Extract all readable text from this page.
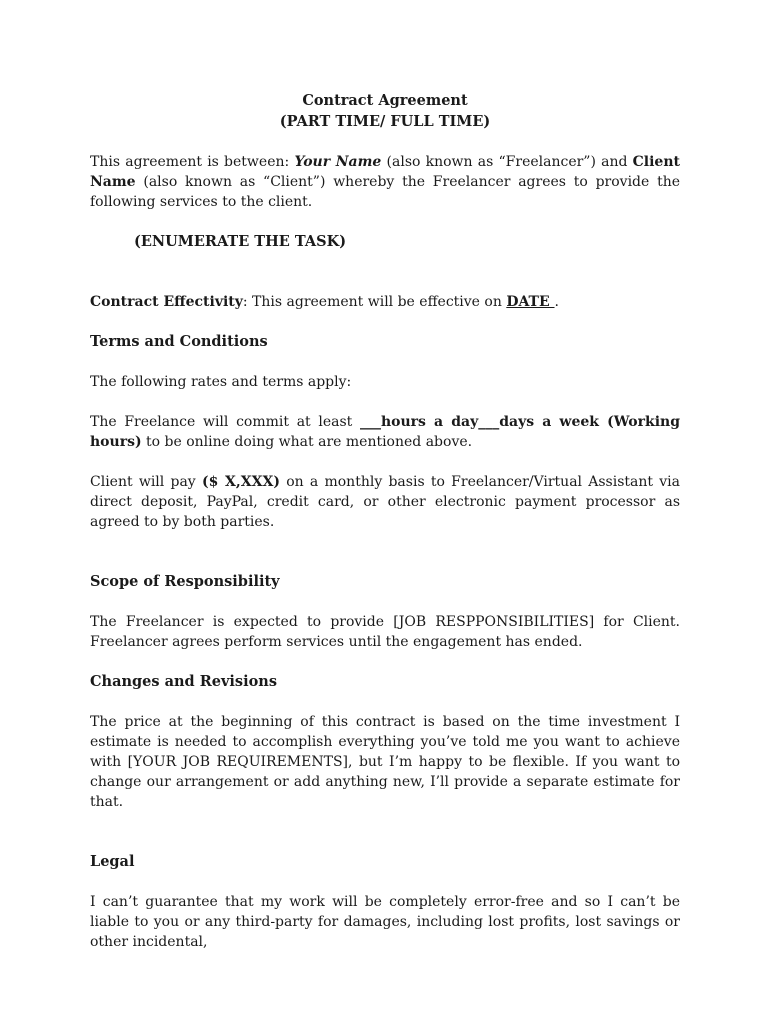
Contract Agreement
(PART TIME/ FULL TIME)

This agreement is between: Your Name (also known as “Freelancer”) and Client Name (also known as “Client”) whereby the Freelancer agrees to provide the following services to the client.

(ENUMERATE THE TASK)

Contract Effectivity: This agreement will be effective on DATE .

Terms and Conditions

The following rates and terms apply:

The Freelance will commit at least ___hours a day___days a week (Working hours) to be online doing what are mentioned above.

Client will pay ($ X,XXX) on a monthly basis to Freelancer/Virtual Assistant via direct deposit, PayPal, credit card, or other electronic payment processor as agreed to by both parties.

Scope of Responsibility

The Freelancer is expected to provide [JOB RESPPONSIBILITIES] for Client. Freelancer agrees perform services until the engagement has ended.

Changes and Revisions

The price at the beginning of this contract is based on the time investment I estimate is needed to accomplish everything you’ve told me you want to achieve with [YOUR JOB REQUIREMENTS], but I’m happy to be flexible. If you want to change our arrangement or add anything new, I’ll provide a separate estimate for that.

Legal

I can’t guarantee that my work will be completely error-free and so I can’t be liable to you or any third-party for damages, including lost profits, lost savings or other incidental,
